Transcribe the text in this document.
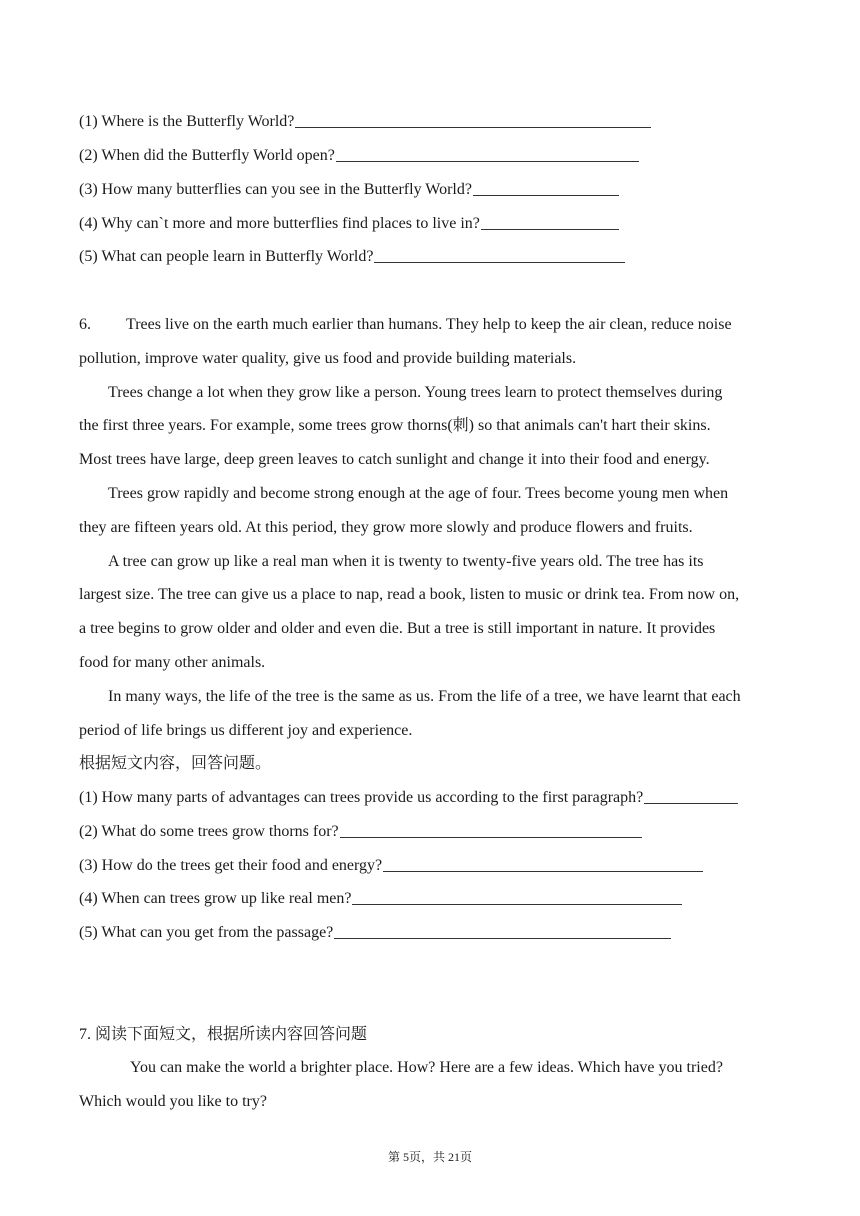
(1) Where is the Butterfly World?
(2) When did the Butterfly World open?
(3) How many butterflies can you see in the Butterfly World?
(4) Why canˋt more and more butterflies find places to live in?
(5) What can people learn in Butterfly World?
6. Trees live on the earth much earlier than humans. They help to keep the air clean, reduce noise
pollution, improve water quality, give us food and provide building materials.
Trees change a lot when they grow like a person. Young trees learn to protect themselves during
the first three years. For example, some trees grow thorns(刺) so that animals can't hart their skins.
Most trees have large, deep green leaves to catch sunlight and change it into their food and energy.
Trees grow rapidly and become strong enough at the age of four. Trees become young men when
they are fifteen years old. At this period, they grow more slowly and produce flowers and fruits.
A tree can grow up like a real man when it is twenty to twenty-five years old. The tree has its
largest size. The tree can give us a place to nap, read a book, listen to music or drink tea. From now on,
a tree begins to grow older and older and even die. But a tree is still important in nature. It provides
food for many other animals.
In many ways, the life of the tree is the same as us. From the life of a tree, we have learnt that each
period of life brings us different joy and experience.
根据短文内容，回答问题。
(1) How many parts of advantages can trees provide us according to the first paragraph?
(2) What do some trees grow thorns for?
(3) How do the trees get their food and energy?
(4) When can trees grow up like real men?
(5) What can you get from the passage?
7. 阅读下面短文，根据所读内容回答问题
You can make the world a brighter place. How? Here are a few ideas. Which have you tried?
Which would you like to try?
第 5页，共 21页
